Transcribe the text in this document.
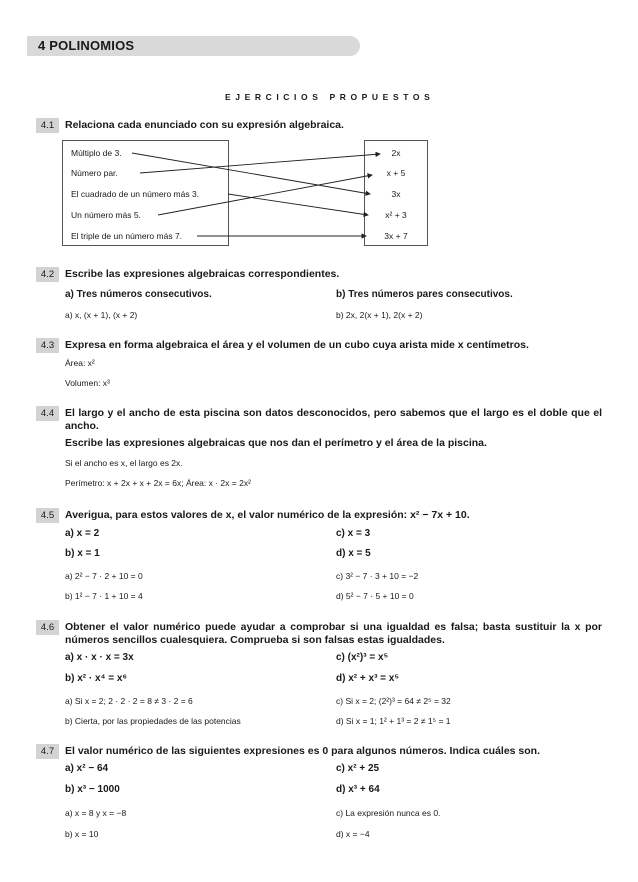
4 POLINOMIOS
EJERCICIOS PROPUESTOS
4.1	Relaciona cada enunciado con su expresión algebraica.
Múltiplo de 3.
Número par.
El cuadrado de un número más 3.
Un número más 5.
El triple de un número más 7.
2x
x + 5
3x
x² + 3
3x + 7
4.2	Escribe las expresiones algebraicas correspondientes.
a) Tres números consecutivos.	b) Tres números pares consecutivos.
a) x, (x + 1), (x + 2)	b) 2x, 2(x + 1), 2(x + 2)
4.3	Expresa en forma algebraica el área y el volumen de un cubo cuya arista mide x centímetros.
Área: x²
Volumen: x³
4.4	El largo y el ancho de esta piscina son datos desconocidos, pero sabemos que el largo es el doble que el ancho.
Escribe las expresiones algebraicas que nos dan el perímetro y el área de la piscina.
Si el ancho es x, el largo es 2x.
Perímetro: x + 2x + x + 2x = 6x; Área: x · 2x = 2x²
4.5	Averigua, para estos valores de x, el valor numérico de la expresión: x² − 7x + 10.
a) x = 2	c) x = 3
b) x = 1	d) x = 5
a) 2² − 7 · 2 + 10 = 0	c) 3² − 7 · 3 + 10 = −2
b) 1² − 7 · 1 + 10 = 4	d) 5² − 7 · 5 + 10 = 0
4.6	Obtener el valor numérico puede ayudar a comprobar si una igualdad es falsa; basta sustituir la x por números sencillos cualesquiera. Comprueba si son falsas estas igualdades.
a) x · x · x = 3x	c) (x²)³ = x⁵
b) x² · x⁴ = x⁶	d) x² + x³ = x⁵
a) Si x = 2; 2 · 2 · 2 = 8 ≠ 3 · 2 = 6	c) Si x = 2; (2²)³ = 64 ≠ 2⁵ = 32
b) Cierta, por las propiedades de las potencias	d) Si x = 1; 1² + 1³ = 2 ≠ 1⁵ = 1
4.7	El valor numérico de las siguientes expresiones es 0 para algunos números. Indica cuáles son.
a) x² − 64	c) x² + 25
b) x³ − 1000	d) x³ + 64
a) x = 8 y x = −8	c) La expresión nunca es 0.
b) x = 10	d) x = −4
